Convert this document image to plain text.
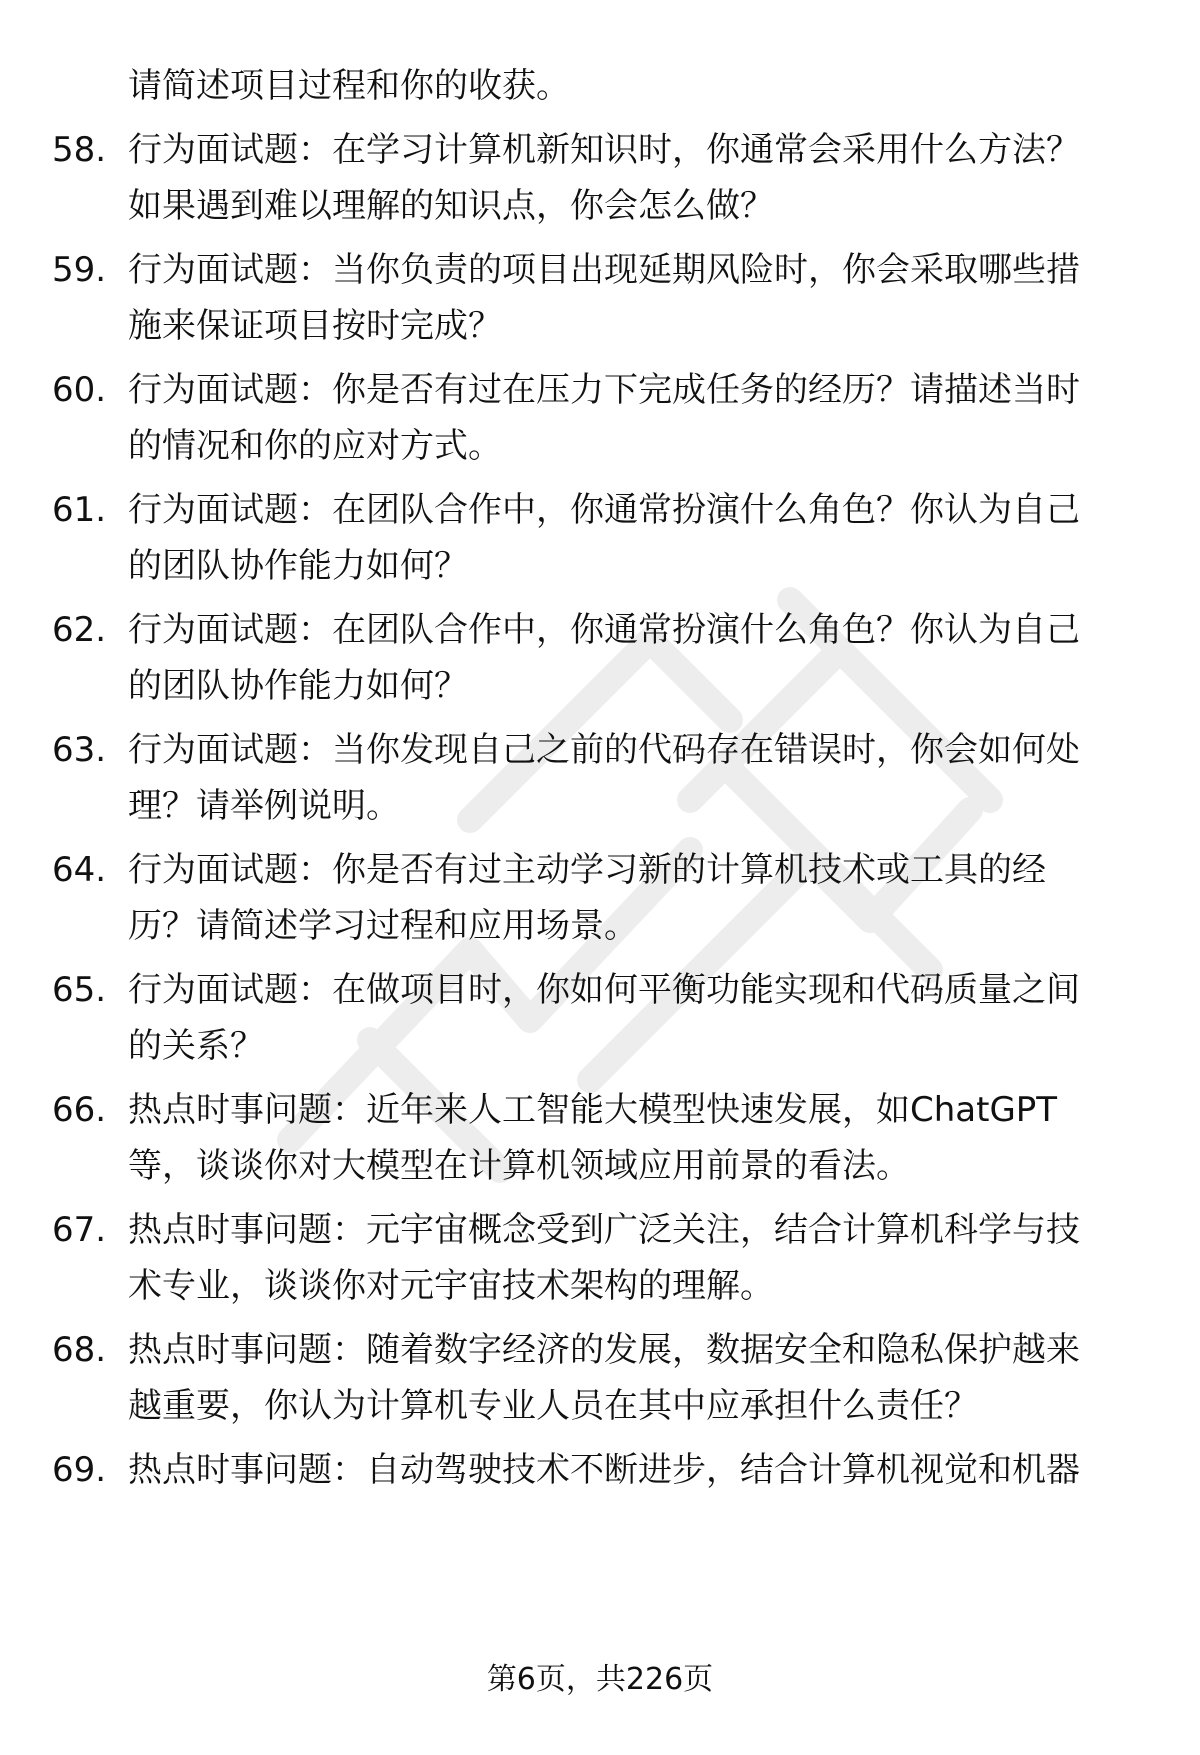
请简述项目过程和你的收获。
58. 行为面试题：在学习计算机新知识时，你通常会采用什么方法？
如果遇到难以理解的知识点，你会怎么做？
59. 行为面试题：当你负责的项目出现延期风险时，你会采取哪些措
施来保证项目按时完成？
60. 行为面试题：你是否有过在压力下完成任务的经历？请描述当时
的情况和你的应对方式。
61. 行为面试题：在团队合作中，你通常扮演什么角色？你认为自己
的团队协作能力如何？
62. 行为面试题：在团队合作中，你通常扮演什么角色？你认为自己
的团队协作能力如何？
63. 行为面试题：当你发现自己之前的代码存在错误时，你会如何处
理？请举例说明。
64. 行为面试题：你是否有过主动学习新的计算机技术或工具的经
历？请简述学习过程和应用场景。
65. 行为面试题：在做项目时，你如何平衡功能实现和代码质量之间
的关系？
66. 热点时事问题：近年来人工智能大模型快速发展，如ChatGPT
等，谈谈你对大模型在计算机领域应用前景的看法。
67. 热点时事问题：元宇宙概念受到广泛关注，结合计算机科学与技
术专业，谈谈你对元宇宙技术架构的理解。
68. 热点时事问题：随着数字经济的发展，数据安全和隐私保护越来
越重要，你认为计算机专业人员在其中应承担什么责任？
69. 热点时事问题：自动驾驶技术不断进步，结合计算机视觉和机器
第6页，共226页
